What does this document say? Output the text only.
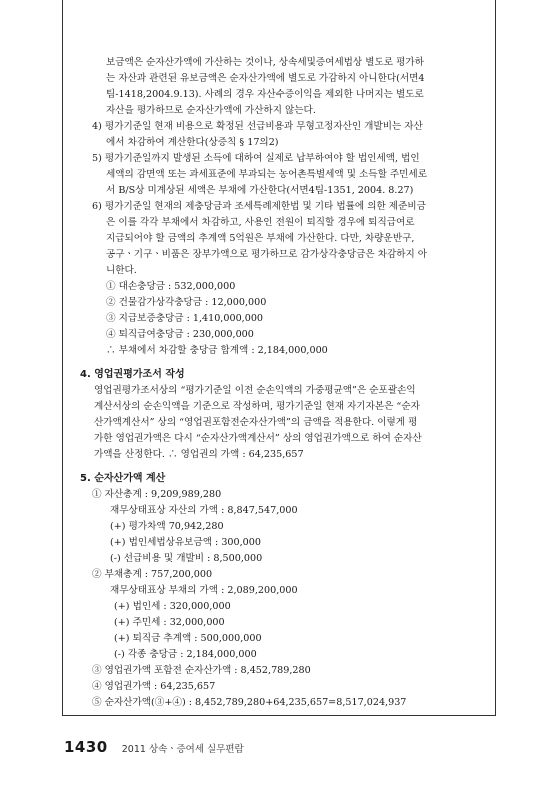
보금액은 순자산가액에 가산하는 것이나, 상속세및증여세법상 별도로 평가하

는 자산과 관련된 유보금액은 순자산가액에 별도로 가감하지 아니한다(서면4

팀-1418,2004.9.13). 사례의 경우 자산수증이익을 제외한 나머지는 별도로

자산을 평가하므로 순자산가액에 가산하지 않는다.

4) 평가기준일 현재 비용으로 확정된 선급비용과 무형고정자산인 개발비는 자산

에서 차감하여 계산한다(상증칙 § 17의2)

5) 평가기준일까지 발생된 소득에 대하여 실제로 납부하여야 할 법인세액, 법인

세액의 감면액 또는 과세표준에 부과되는 농어촌특별세액 및 소득할 주민세로

서 B/S상 미계상된 세액은 부채에 가산한다(서면4팀-1351, 2004. 8.27)

6) 평가기준일 현재의 제충당금과 조세특례제한법 및 기타 법률에 의한 제준비금

은 이를 각각 부채에서 차감하고, 사용인 전원이 퇴직할 경우에 퇴직급여로

지급되어야 할 금액의 추계액 5억원은 부채에 가산한다. 다만, 차량운반구,

공구ㆍ기구ㆍ비품은 장부가액으로 평가하므로 감가상각충당금은 차감하지 아

니한다.

① 대손충당금 : 532,000,000

② 건물감가상각충당금 : 12,000,000

③ 지급보증충당금 : 1,410,000,000

④ 퇴직급여충당금 : 230,000,000

∴ 부채에서 차감할 충당금 합계액 : 2,184,000,000

4. 영업권평가조서 작성

영업권평가조서상의 “평가기준일 이전 순손익액의 가중평균액”은 순포괄손익

계산서상의 순손익액을 기준으로 작성하며, 평가기준일 현재 자기자본은 “순자

산가액계산서” 상의 “영업권포함전순자산가액”의 금액을 적용한다. 이렇게 평

가한 영업권가액은 다시 “순자산가액계산서” 상의 영업권가액으로 하여 순자산

가액을 산정한다. ∴ 영업권의 가액 : 64,235,657

5. 순자산가액 계산

① 자산총계 : 9,209,989,280

재무상태표상 자산의 가액 : 8,847,547,000

(+) 평가차액 70,942,280

(+) 법인세법상유보금액 : 300,000

(-) 선급비용 및 개발비 : 8,500,000

② 부채총계 : 757,200,000

재무상태표상 부채의 가액 : 2,089,200,000

(+) 법인세 : 320,000,000

(+) 주민세 : 32,000,000

(+) 퇴직금 추계액 : 500,000,000

(-) 각종 충당금 : 2,184,000,000

③ 영업권가액 포함전 순자산가액 : 8,452,789,280

④ 영업권가액 : 64,235,657

⑤ 순자산가액(③+④) : 8,452,789,280+64,235,657=8,517,024,937

1430 2011 상속ㆍ증여세 실무편람
